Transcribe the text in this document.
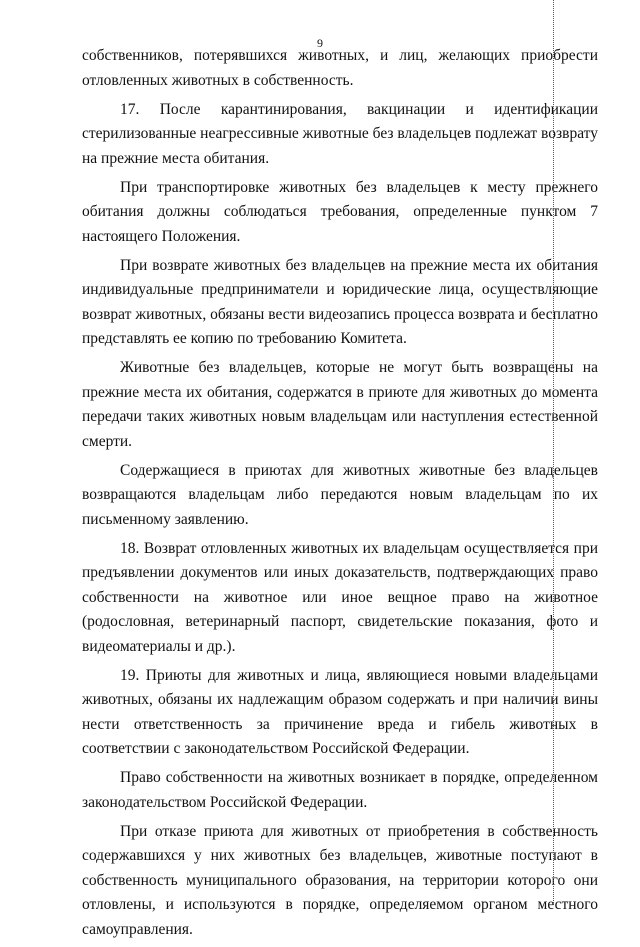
9

собственников, потерявшихся животных, и лиц, желающих приобрести отловленных животных в собственность.

17. После карантинирования, вакцинации и идентификации стерилизованные неагрессивные животные без владельцев подлежат возврату на прежние места обитания.

При транспортировке животных без владельцев к месту прежнего обитания должны соблюдаться требования, определенные пунктом 7 настоящего Положения.

При возврате животных без владельцев на прежние места их обитания индивидуальные предприниматели и юридические лица, осуществляющие возврат животных, обязаны вести видеозапись процесса возврата и бесплатно представлять ее копию по требованию Комитета.

Животные без владельцев, которые не могут быть возвращены на прежние места их обитания, содержатся в приюте для животных до момента передачи таких животных новым владельцам или наступления естественной смерти.

Содержащиеся в приютах для животных животные без владельцев возвращаются владельцам либо передаются новым владельцам по их письменному заявлению.

18. Возврат отловленных животных их владельцам осуществляется при предъявлении документов или иных доказательств, подтверждающих право собственности на животное или иное вещное право на животное (родословная, ветеринарный паспорт, свидетельские показания, фото и видеоматериалы и др.).

19. Приюты для животных и лица, являющиеся новыми владельцами животных, обязаны их надлежащим образом содержать и при наличии вины нести ответственность за причинение вреда и гибель животных в соответствии с законодательством Российской Федерации.

Право собственности на животных возникает в порядке, определенном законодательством Российской Федерации.

При отказе приюта для животных от приобретения в собственность содержавшихся у них животных без владельцев, животные поступают в собственность муниципального образования, на территории которого они отловлены, и используются в порядке, определяемом органом местного самоуправления.
